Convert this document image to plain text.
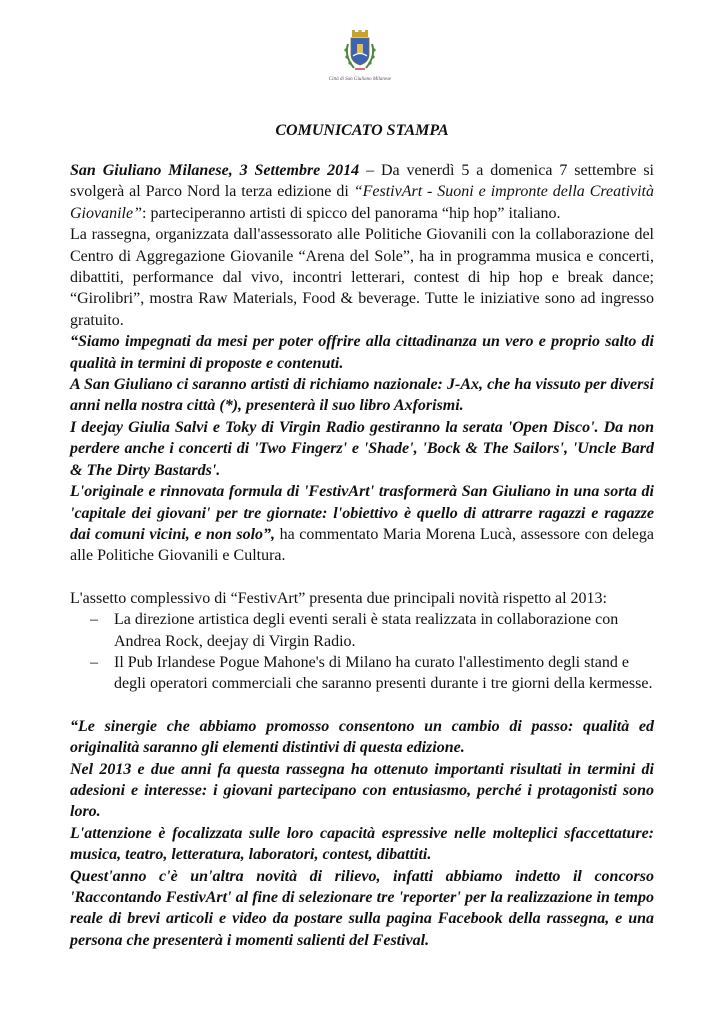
Città di San Giuliano Milanese
COMUNICATO STAMPA

San Giuliano Milanese, 3 Settembre 2014 – Da venerdì 5 a domenica 7 settembre si svolgerà al Parco Nord la terza edizione di “FestivArt - Suoni e impronte della Creatività Giovanile”: parteciperanno artisti di spicco del panorama “hip hop” italiano.

La rassegna, organizzata dall'assessorato alle Politiche Giovanili con la collaborazione del Centro di Aggregazione Giovanile “Arena del Sole”, ha in programma musica e concerti, dibattiti, performance dal vivo, incontri letterari, contest di hip hop e break dance; “Girolibri”, mostra Raw Materials, Food & beverage. Tutte le iniziative sono ad ingresso gratuito.

“Siamo impegnati da mesi per poter offrire alla cittadinanza un vero e proprio salto di qualità in termini di proposte e contenuti.

A San Giuliano ci saranno artisti di richiamo nazionale: J-Ax, che ha vissuto per diversi anni nella nostra città (*), presenterà il suo libro Axforismi.

I deejay Giulia Salvi e Toky di Virgin Radio gestiranno la serata 'Open Disco'. Da non perdere anche i concerti di 'Two Fingerz' e 'Shade', 'Bock & The Sailors', 'Uncle Bard & The Dirty Bastards'.

L'originale e rinnovata formula di 'FestivArt' trasformerà San Giuliano in una sorta di 'capitale dei giovani' per tre giornate: l'obiettivo è quello di attrarre ragazzi e ragazze dai comuni vicini, e non solo”, ha commentato Maria Morena Lucà, assessore con delega alle Politiche Giovanili e Cultura.

L'assetto complessivo di “FestivArt” presenta due principali novità rispetto al 2013:

– La direzione artistica degli eventi serali è stata realizzata in collaborazione con Andrea Rock, deejay di Virgin Radio.
– Il Pub Irlandese Pogue Mahone's di Milano ha curato l'allestimento degli stand e degli operatori commerciali che saranno presenti durante i tre giorni della kermesse.

“Le sinergie che abbiamo promosso consentono un cambio di passo: qualità ed originalità saranno gli elementi distintivi di questa edizione.

Nel 2013 e due anni fa questa rassegna ha ottenuto importanti risultati in termini di adesioni e interesse: i giovani partecipano con entusiasmo, perché i protagonisti sono loro.

L'attenzione è focalizzata sulle loro capacità espressive nelle molteplici sfaccettature: musica, teatro, letteratura, laboratori, contest, dibattiti.

Quest'anno c'è un'altra novità di rilievo, infatti abbiamo indetto il concorso 'Raccontando FestivArt' al fine di selezionare tre 'reporter' per la realizzazione in tempo reale di brevi articoli e video da postare sulla pagina Facebook della rassegna, e una persona che presenterà i momenti salienti del Festival.
